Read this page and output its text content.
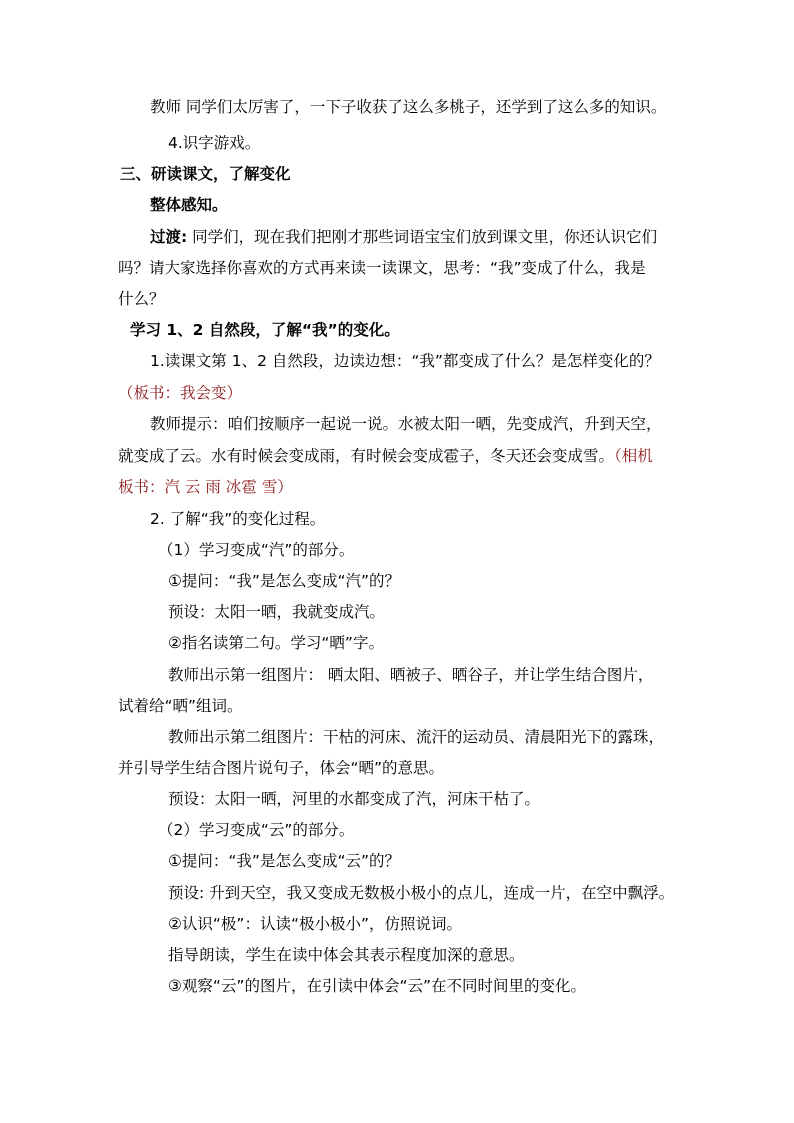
教师 同学们太厉害了，一下子收获了这么多桃子，还学到了这么多的知识。
4.识字游戏。
三、研读课文，了解变化
整体感知。
过渡: 同学们，现在我们把刚才那些词语宝宝们放到课文里，你还认识它们
吗？请大家选择你喜欢的方式再来读一读课文，思考：“我”变成了什么，我是
什么？
学习 1、2 自然段，了解“我”的变化。
1.读课文第 1、2 自然段，边读边想：“我”都变成了什么？是怎样变化的？
（板书：我会变）
教师提示：咱们按顺序一起说一说。水被太阳一晒，先变成汽，升到天空，
就变成了云。水有时候会变成雨，有时候会变成雹子，冬天还会变成雪。（相机
板书：汽 云 雨 冰雹 雪）
2. 了解“我”的变化过程。
（1）学习变成“汽”的部分。
①提问：“我”是怎么变成“汽”的？
预设：太阳一晒，我就变成汽。
②指名读第二句。学习“晒”字。
教师出示第一组图片： 晒太阳、晒被子、晒谷子，并让学生结合图片，
试着给“晒”组词。
教师出示第二组图片：干枯的河床、流汗的运动员、清晨阳光下的露珠，
并引导学生结合图片说句子，体会“晒”的意思。
预设：太阳一晒，河里的水都变成了汽，河床干枯了。
（2）学习变成“云”的部分。
①提问：“我”是怎么变成“云”的？
预设: 升到天空，我又变成无数极小极小的点儿，连成一片，在空中飘浮。
②认识“极”：认读“极小极小”，仿照说词。
指导朗读，学生在读中体会其表示程度加深的意思。
③观察“云”的图片，在引读中体会“云”在不同时间里的变化。
